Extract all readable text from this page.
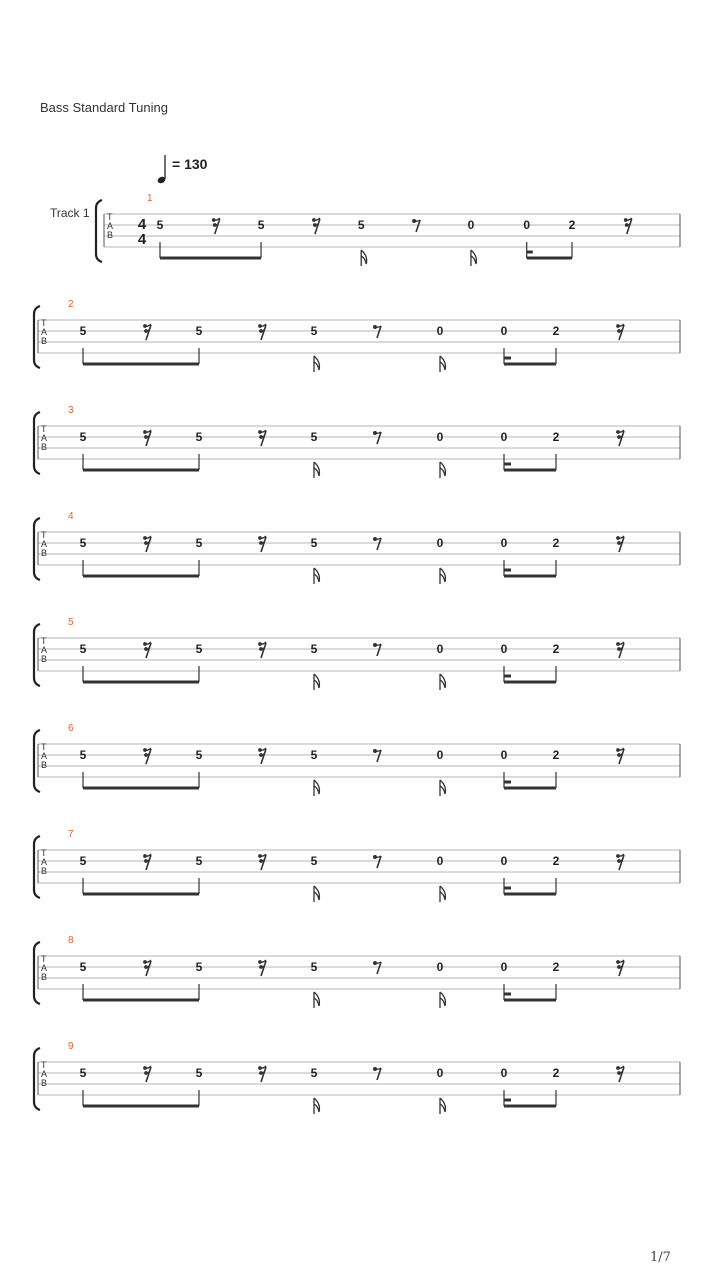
Bass Standard Tuning
= 130
T
A
B
Track 1
4
4
1
5	5	5	0	0	2
T
A
B
2
5	5	5	0	0	2
T
A
B
3
5	5	5	0	0	2
T
A
B
4
5	5	5	0	0	2
T
A
B
5
5	5	5	0	0	2
T
A
B
6
5	5	5	0	0	2
T
A
B
7
5	5	5	0	0	2
T
A
B
8
5	5	5	0	0	2
T
A
B
9
5	5	5	0	0	2
1/7
